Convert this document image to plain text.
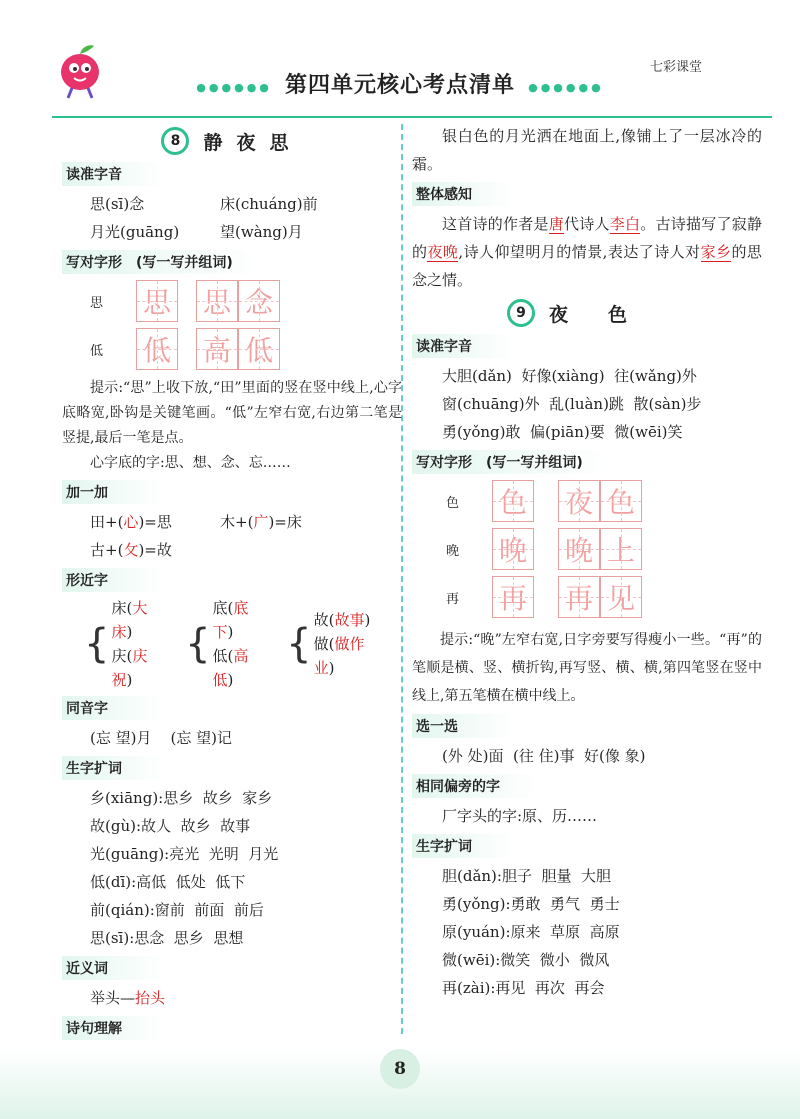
七彩课堂
●●●●●● 第四单元核心考点清单 ●●●●●●
8	静夜思
读准字音
思(sī)念	床(chuáng)前
月光(guāng)	望(wàng)月
写对字形 (写一写并组词)
思	思 思 念
低	低 高 低
提示:“思”上收下放,“田”里面的竖在竖中线上,心字底略宽,卧钩是关键笔画。“低”左窄右宽,右边第二笔是竖提,最后一笔是点。
心字底的字:思、想、念、忘……
加一加
田+(心)=思	木+(广)=床
古+(攵)=故
形近字
{
床(大床)
庆(庆祝)
{
底(底下)
低(高低)
{
故(故事)
做(做作业)
同音字
(忘 望)月    (忘 望)记
生字扩词
乡(xiāng):思乡  故乡  家乡
故(gù):故人  故乡  故事
光(guāng):亮光  光明  月光
低(dī):高低  低处  低下
前(qián):窗前  前面  前后
思(sī):思念  思乡  思想
近义词
举头—抬头
诗句理解
银白色的月光洒在地面上,像铺上了一层冰冷的霜。
整体感知
这首诗的作者是唐代诗人李白。古诗描写了寂静的夜晚,诗人仰望明月的情景,表达了诗人对家乡的思念之情。
9	夜色
读准字音
大胆(dǎn)  好像(xiàng)  往(wǎng)外
窗(chuāng)外  乱(luàn)跳  散(sàn)步
勇(yǒng)敢  偏(piān)要  微(wēi)笑
写对字形 (写一写并组词)
色	色 夜 色
晚	晚 晚 上
再	再 再 见
提示:“晚”左窄右宽,日字旁要写得瘦小一些。“再”的笔顺是横、竖、横折钩,再写竖、横、横,第四笔竖在竖中线上,第五笔横在横中线上。
选一选
(外 处)面  (往 住)事  好(像 象)
相同偏旁的字
厂字头的字:原、历……
生字扩词
胆(dǎn):胆子  胆量  大胆
勇(yǒng):勇敢  勇气  勇士
原(yuán):原来  草原  高原
微(wēi):微笑  微小  微风
再(zài):再见  再次  再会
8
